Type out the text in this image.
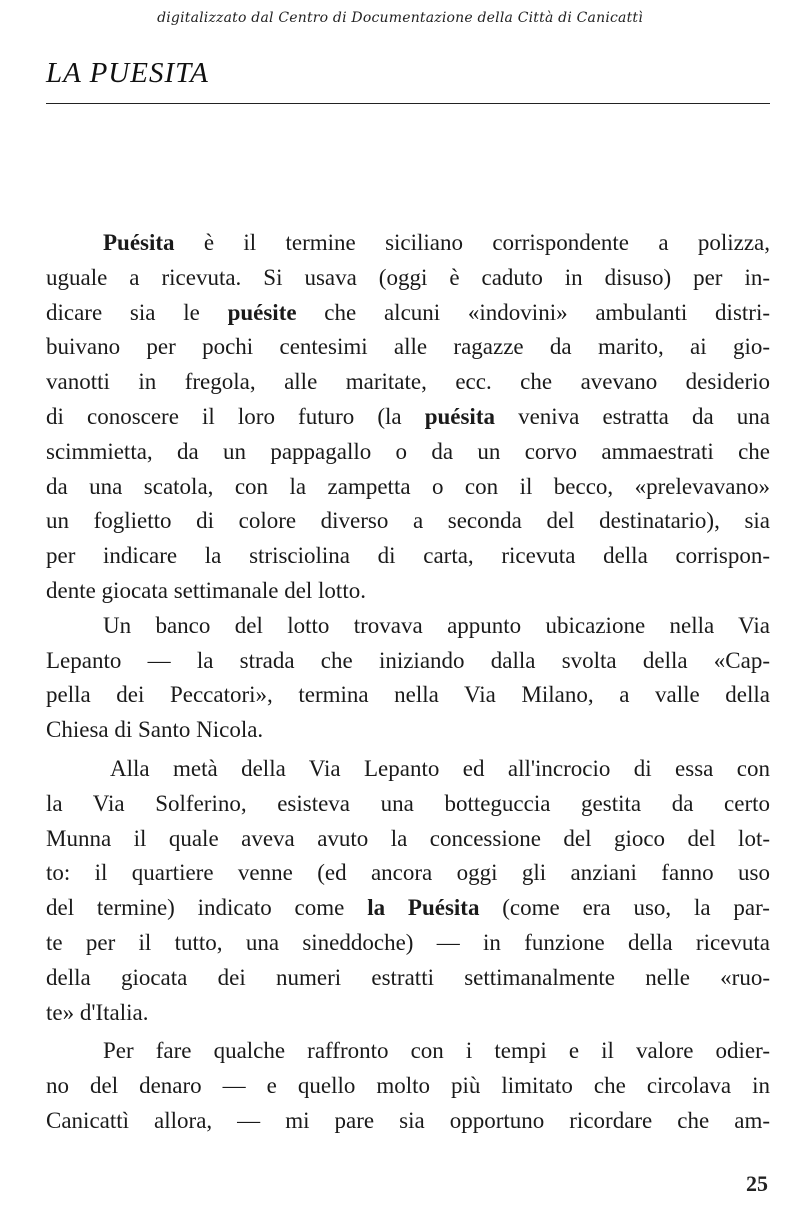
digitalizzato dal Centro di Documentazione della Città di Canicattì
LA PUESITA
Puésita è il termine siciliano corrispondente a polizza,
uguale a ricevuta. Si usava (oggi è caduto in disuso) per in-
dicare sia le puésite che alcuni «indovini» ambulanti distri-
buivano per pochi centesimi alle ragazze da marito, ai gio-
vanotti in fregola, alle maritate, ecc. che avevano desiderio
di conoscere il loro futuro (la puésita veniva estratta da una
scimmietta, da un pappagallo o da un corvo ammaestrati che
da una scatola, con la zampetta o con il becco, «prelevavano»
un foglietto di colore diverso a seconda del destinatario), sia
per indicare la strisciolina di carta, ricevuta della corrispon-
dente giocata settimanale del lotto.
Un banco del lotto trovava appunto ubicazione nella Via
Lepanto — la strada che iniziando dalla svolta della «Cap-
pella dei Peccatori», termina nella Via Milano, a valle della
Chiesa di Santo Nicola.
Alla metà della Via Lepanto ed all'incrocio di essa con
la Via Solferino, esisteva una botteguccia gestita da certo
Munna il quale aveva avuto la concessione del gioco del lot-
to: il quartiere venne (ed ancora oggi gli anziani fanno uso
del termine) indicato come la Puésita (come era uso, la par-
te per il tutto, una sineddoche) — in funzione della ricevuta
della giocata dei numeri estratti settimanalmente nelle «ruo-
te» d'Italia.
Per fare qualche raffronto con i tempi e il valore odier-
no del denaro — e quello molto più limitato che circolava in
Canicattì allora, — mi pare sia opportuno ricordare che am-
25
